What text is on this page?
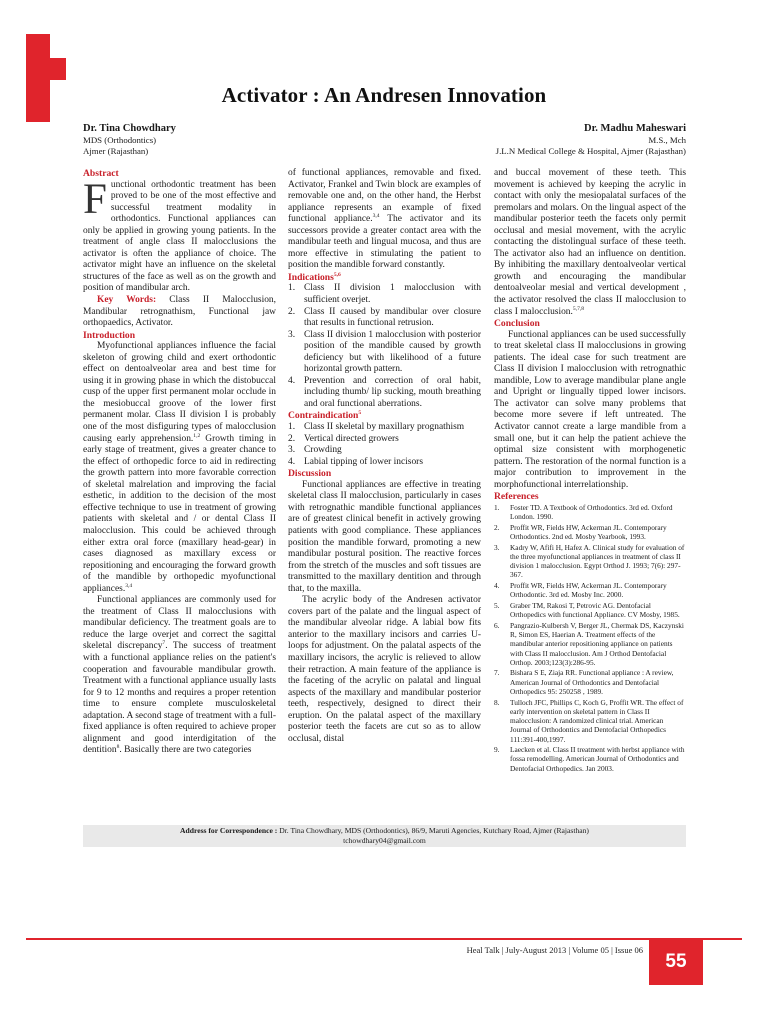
Activator : An Andresen Innovation
Dr. Tina Chowdhary
MDS (Orthodontics)
Ajmer (Rajasthan)
Dr. Madhu Maheswari
M.S., Mch
J.L.N Medical College & Hospital, Ajmer (Rajasthan)
Abstract

Functional orthodontic treatment has been proved to be one of the most effective and successful treatment modality in orthodontics. Functional appliances can only be applied in growing young patients. In the treatment of angle class II malocclusions the activator is often the appliance of choice. The activator might have an influence on the skeletal structures of the face as well as on the growth and position of mandibular arch.

Key Words: Class II Malocclusion, Mandibular retrognathism, Functional jaw orthopaedics, Activator.

Introduction

Myofunctional appliances influence the facial skeleton of growing child and exert orthodontic effect on dentoalveolar area and best time for using it in growing phase in which the distobuccal cusp of the upper first permanent molar occlude in the mesiobuccal groove of the lower first permanent molar. Class II division I is probably one of the most disfiguring types of malocclusion causing early apprehension.$^{1,2}$ Growth timing in early stage of treatment, gives a greater chance to the effect of orthopedic force to aid in redirecting the growth pattern into more favorable correction of skeletal malrelation and improving the facial esthetic, in addition to the decision of the most effective technique to use in treatment of growing patients with skeletal and / or dental Class II malocclusion. This could be achieved through either extra oral force (maxillary head-gear) in cases diagnosed as maxillary excess or repositioning and encouraging the forward growth of the mandible by orthopedic myofunctional appliances.$^{3,4}$

Functional appliances are commonly used for the treatment of Class II malocclusions with mandibular deficiency. The treatment goals are to reduce the large overjet and correct the sagittal skeletal discrepancy$^7$. The success of treatment with a functional appliance relies on the patient's cooperation and favourable mandibular growth. Treatment with a functional appliance usually lasts for 9 to 12 months and requires a proper retention time to ensure complete musculoskeletal adaptation. A second stage of treatment with a full-fixed appliance is often required to achieve proper alignment and good interdigitation of the dentition$^8$. Basically there are two categories

of functional appliances, removable and fixed. Activator, Frankel and Twin block are examples of removable one and, on the other hand, the Herbst appliance represents an example of fixed functional appliance.$^{3,4}$ The activator and its successors provide a greater contact area with the mandibular teeth and lingual mucosa, and thus are more effective in stimulating the patient to position the mandible forward constantly.

Indications$^{5,6}$
1. Class II division 1 malocclusion with sufficient overjet.
2. Class II caused by mandibular over closure that results in functional retrusion.
3. Class II division 1 malocclusion with posterior position of the mandible caused by growth deficiency but with likelihood of a future horizontal growth pattern.
4. Prevention and correction of oral habit, including thumb/ lip sucking, mouth breathing and oral functional aberrations.
Contraindication$^5$
1. Class II skeletal by maxillary prognathism
2. Vertical directed growers
3. Crowding
4. Labial tipping of lower incisors
Discussion

Functional appliances are effective in treating skeletal class II malocclusion, particularly in cases with retrognathic mandible functional appliances are of greatest clinical benefit in actively growing patients with good compliance. These appliances position the mandible forward, promoting a new mandibular postural position. The reactive forces from the stretch of the muscles and soft tissues are transmitted to the maxillary dentition and through that, to the maxilla.

The acrylic body of the Andresen activator covers part of the palate and the lingual aspect of the mandibular alveolar ridge. A labial bow fits anterior to the maxillary incisors and carries U-loops for adjustment. On the palatal aspects of the maxillary incisors, the acrylic is relieved to allow their retraction. A main feature of the appliance is the faceting of the acrylic on palatal and lingual aspects of the maxillary and mandibular posterior teeth, respectively, designed to direct their eruption. On the palatal aspect of the maxillary posterior teeth the facets are cut so as to allow occlusal, distal

and buccal movement of these teeth. This movement is achieved by keeping the acrylic in contact with only the mesiopalatal surfaces of the premolars and molars. On the lingual aspect of the mandibular posterior teeth the facets only permit occlusal and mesial movement, with the acrylic contacting the distolingual surface of these teeth. The activator also had an influence on dentition. By inhibiting the maxillary dentoalveolar vertical growth and encouraging the mandibular dentoalveolar mesial and vertical development , the activator resolved the class II malocclusion to class I malocclusion.$^{5,7,8}$

Conclusion

Functional appliances can be used successfully to treat skeletal class II malocclusions in growing patients. The ideal case for such treatment are Class II division I malocclusion with retrognathic mandible, Low to average mandibular plane angle and Upright or lingually tipped lower incisors. The activator can solve many problems that become more severe if left untreated. The Activator cannot create a large mandible from a small one, but it can help the patient achieve the optimal size consistent with morphogenetic pattern. The restoration of the normal function is a major contribution to improvement in the morphofunctional interrelationship.

References
1. Foster TD. A Textbook of Orthodontics. 3rd ed. Oxford London. 1990.
2. Proffit WR, Fields HW, Ackerman JL. Contemporary Orthodontics. 2nd ed. Mosby Yearbook, 1993.
3. Kadry W, Afifi H, Hafez A. Clinical study for evaluation of the three myofunctional appliances in treatment of class II division 1 malocclusion. Egypt Orthod J. 1993; 7(6): 297-367.
4. Proffit WR, Fields HW, Ackerman JL. Contemporary Orthodontic. 3rd ed. Mosby Inc. 2000.
5. Graber TM, Rakosi T, Petrovic AG. Dentofacial Orthopedics with functional Appliance. CV Mosby, 1985.
6. Pangrazio-Kulbersh V, Berger JL, Chermak DS, Kaczynski R, Simon ES, Haerian A. Treatment effects of the mandibular anterior repositioning appliance on patients with Class II malocclusion. Am J Orthod Dentofacial Orthop. 2003;123(3):286-95.
7. Bishara S E, Ziaja RR. Functional appliance : A review, American Journal of Orthodontics and Dentofacial Orthopedics 95: 250258 , 1989.
8. Tulloch JFC, Phillips C, Koch G, Proffit WR. The effect of early intervention on skeletal pattern in Class II malocclusion: A randomized clinical trial. American Journal of Orthodontics and Dentofacial Orthopedics 111:391-400,1997.
9. Laecken et al. Class II treatment with herbst appliance with fossa remodelling. American Journal of Orthodontics and Dentofacial Orthopedics. Jan 2003.
Address for Correspondence : Dr. Tina Chowdhary, MDS (Orthodontics), 86/9, Maruti Agencies, Kutchary Road, Ajmer (Rajasthan)
tchowdhary04@gmail.com
Heal Talk | July-August 2013 | Volume 05 | Issue 06
55
